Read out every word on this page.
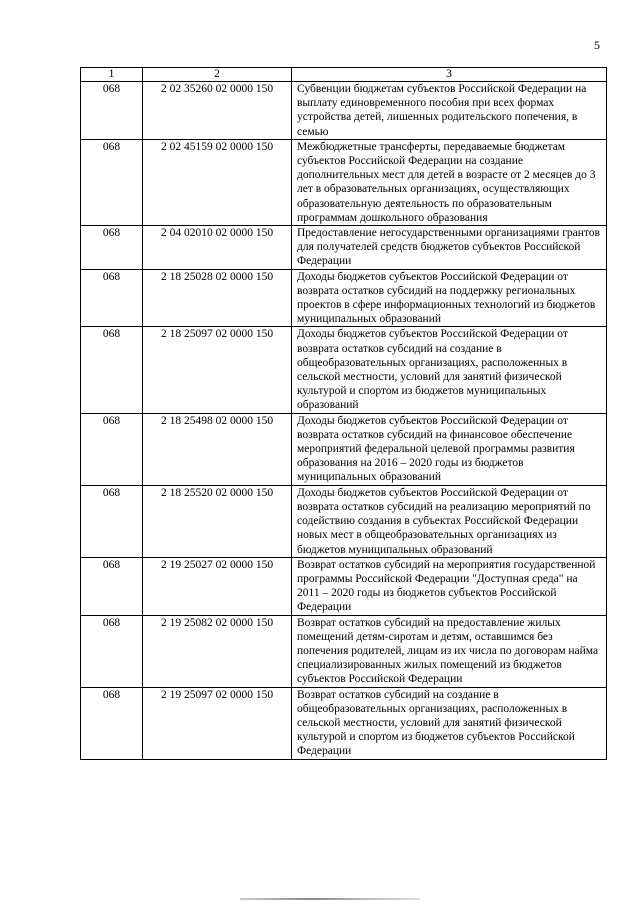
5
1	2	3
068	2 02 35260 02 0000 150	Субвенции бюджетам субъектов Российской Федерации на выплату единовременного пособия при всех формах устройства детей, лишенных родительского попечения, в семью
068	2 02 45159 02 0000 150	Межбюджетные трансферты, передаваемые бюджетам субъектов Российской Федерации на создание дополнительных мест для детей в возрасте от 2 месяцев до 3 лет в образовательных организациях, осуществляющих образовательную деятельность по образовательным программам дошкольного образования
068	2 04 02010 02 0000 150	Предоставление негосударственными организациями грантов для получателей средств бюджетов субъектов Российской Федерации
068	2 18 25028 02 0000 150	Доходы бюджетов субъектов Российской Федерации от возврата остатков субсидий на поддержку региональных проектов в сфере информационных технологий из бюджетов муниципальных образований
068	2 18 25097 02 0000 150	Доходы бюджетов субъектов Российской Федерации от возврата остатков субсидий на создание в общеобразовательных организациях, расположенных в сельской местности, условий для занятий физической культурой и спортом из бюджетов муниципальных образований
068	2 18 25498 02 0000 150	Доходы бюджетов субъектов Российской Федерации от возврата остатков субсидий на финансовое обеспечение мероприятий федеральной целевой программы развития образования на 2016 – 2020 годы из бюджетов муниципальных образований
068	2 18 25520 02 0000 150	Доходы бюджетов субъектов Российской Федерации от возврата остатков субсидий на реализацию мероприятий по содействию создания в субъектах Российской Федерации новых мест в общеобразовательных организациях из бюджетов муниципальных образований
068	2 19 25027 02 0000 150	Возврат остатков субсидий на мероприятия государственной программы Российской Федерации "Доступная среда" на 2011 – 2020 годы из бюджетов субъектов Российской Федерации
068	2 19 25082 02 0000 150	Возврат остатков субсидий на предоставление жилых помещений детям-сиротам и детям, оставшимся без попечения родителей, лицам из их числа по договорам найма специализированных жилых помещений из бюджетов субъектов Российской Федерации
068	2 19 25097 02 0000 150	Возврат остатков субсидий на создание в общеобразовательных организациях, расположенных в сельской местности, условий для занятий физической культурой и спортом из бюджетов субъектов Российской Федерации
